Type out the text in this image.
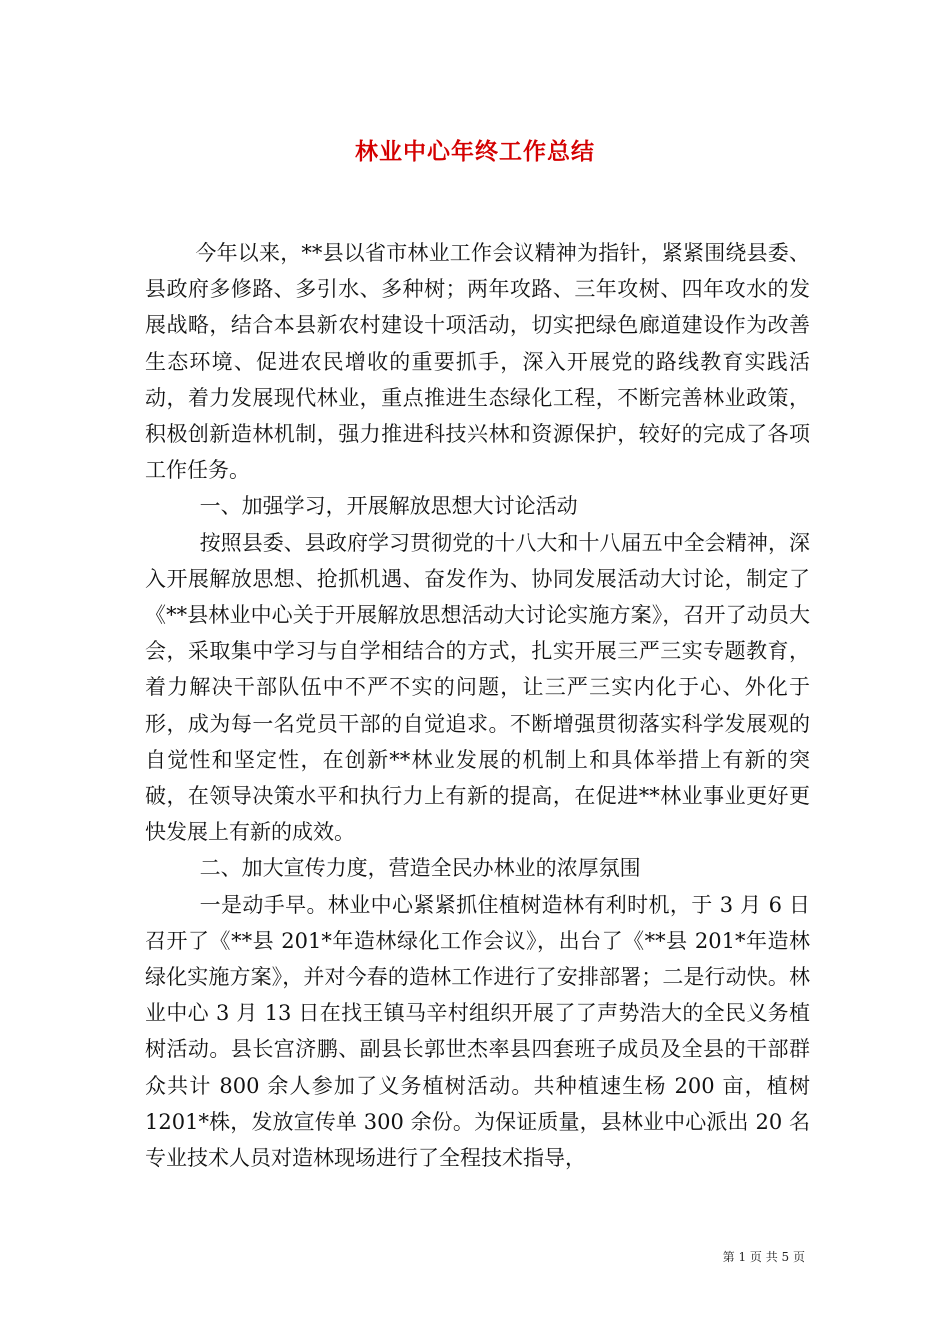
林业中心年终工作总结

今年以来，**县以省市林业工作会议精神为指针，紧紧围绕县委、县政府多修路、多引水、多种树；两年攻路、三年攻树、四年攻水的发展战略，结合本县新农村建设十项活动，切实把绿色廊道建设作为改善生态环境、促进农民增收的重要抓手，深入开展党的路线教育实践活动，着力发展现代林业，重点推进生态绿化工程，不断完善林业政策，积极创新造林机制，强力推进科技兴林和资源保护，较好的完成了各项工作任务。

一、加强学习，开展解放思想大讨论活动

按照县委、县政府学习贯彻党的十八大和十八届五中全会精神，深入开展解放思想、抢抓机遇、奋发作为、协同发展活动大讨论，制定了《**县林业中心关于开展解放思想活动大讨论实施方案》，召开了动员大会，采取集中学习与自学相结合的方式，扎实开展三严三实专题教育，着力解决干部队伍中不严不实的问题，让三严三实内化于心、外化于形，成为每一名党员干部的自觉追求。不断增强贯彻落实科学发展观的自觉性和坚定性，在创新**林业发展的机制上和具体举措上有新的突破，在领导决策水平和执行力上有新的提高，在促进**林业事业更好更快发展上有新的成效。

二、加大宣传力度，营造全民办林业的浓厚氛围

一是动手早。林业中心紧紧抓住植树造林有利时机，于 3 月 6 日召开了《**县 201*年造林绿化工作会议》，出台了《**县 201*年造林绿化实施方案》，并对今春的造林工作进行了安排部署；二是行动快。林业中心 3 月 13 日在找王镇马辛村组织开展了了声势浩大的全民义务植树活动。县长宫济鹏、副县长郭世杰率县四套班子成员及全县的干部群众共计 800 余人参加了义务植树活动。共种植速生杨 200 亩，植树 1201*株，发放宣传单 300 余份。为保证质量，县林业中心派出 20 名专业技术人员对造林现场进行了全程技术指导，

第 1 页 共 5 页
